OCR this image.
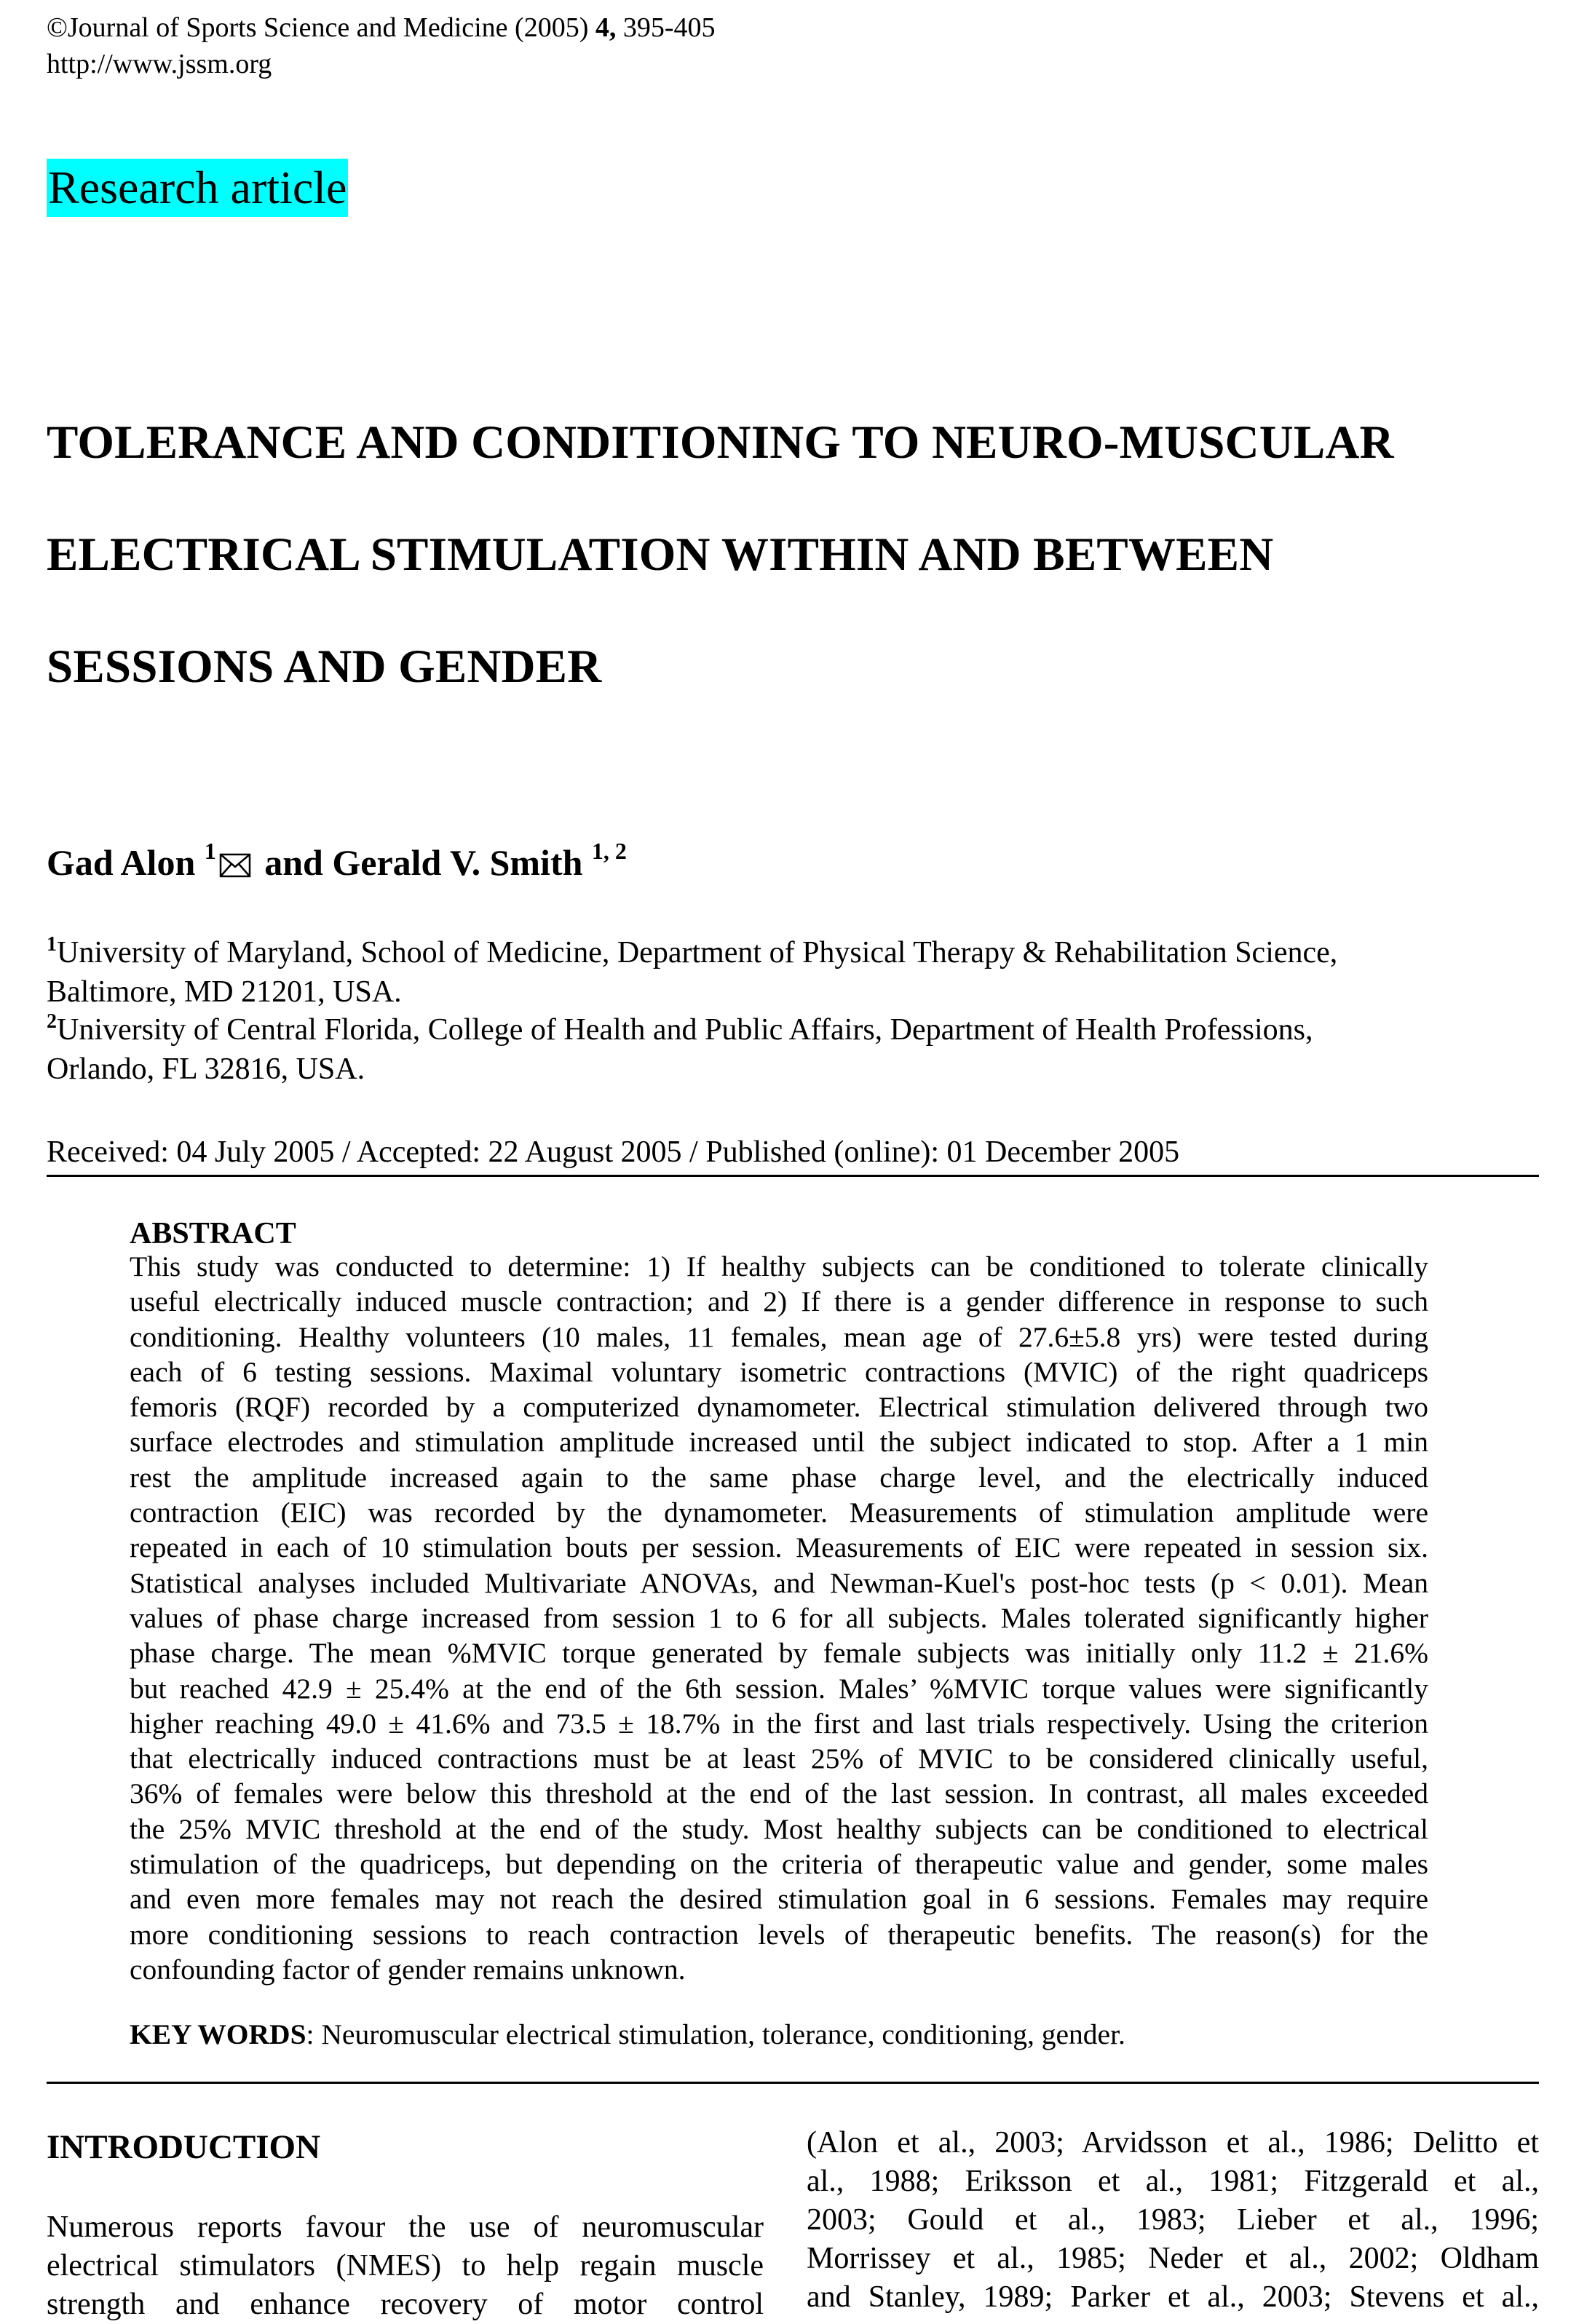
©Journal of Sports Science and Medicine (2005) 4, 395-405
http://www.jssm.org
Research article
TOLERANCE AND CONDITIONING TO NEURO-MUSCULAR
ELECTRICAL STIMULATION WITHIN AND BETWEEN
SESSIONS AND GENDER
Gad Alon $^1$ and Gerald V. Smith $^{1, 2}$
$^1$University of Maryland, School of Medicine, Department of Physical Therapy & Rehabilitation Science,
Baltimore, MD 21201, USA.
$^2$University of Central Florida, College of Health and Public Affairs, Department of Health Professions,
Orlando, FL 32816, USA.
Received: 04 July 2005 / Accepted: 22 August 2005 / Published (online): 01 December 2005
ABSTRACT
This study was conducted to determine: 1) If healthy subjects can be conditioned to tolerate clinically
useful electrically induced muscle contraction; and 2) If there is a gender difference in response to such
conditioning. Healthy volunteers (10 males, 11 females, mean age of 27.6±5.8 yrs) were tested during
each of 6 testing sessions. Maximal voluntary isometric contractions (MVIC) of the right quadriceps
femoris (RQF) recorded by a computerized dynamometer. Electrical stimulation delivered through two
surface electrodes and stimulation amplitude increased until the subject indicated to stop. After a 1 min
rest the amplitude increased again to the same phase charge level, and the electrically induced
contraction (EIC) was recorded by the dynamometer. Measurements of stimulation amplitude were
repeated in each of 10 stimulation bouts per session. Measurements of EIC were repeated in session six.
Statistical analyses included Multivariate ANOVAs, and Newman-Kuel's post-hoc tests (p < 0.01). Mean
values of phase charge increased from session 1 to 6 for all subjects. Males tolerated significantly higher
phase charge. The mean %MVIC torque generated by female subjects was initially only 11.2 ± 21.6%
but reached 42.9 ± 25.4% at the end of the 6th session. Males’ %MVIC torque values were significantly
higher reaching 49.0 ± 41.6% and 73.5 ± 18.7% in the first and last trials respectively. Using the criterion
that electrically induced contractions must be at least 25% of MVIC to be considered clinically useful,
36% of females were below this threshold at the end of the last session. In contrast, all males exceeded
the 25% MVIC threshold at the end of the study. Most healthy subjects can be conditioned to electrical
stimulation of the quadriceps, but depending on the criteria of therapeutic value and gender, some males
and even more females may not reach the desired stimulation goal in 6 sessions. Females may require
more conditioning sessions to reach contraction levels of therapeutic benefits. The reason(s) for the
confounding factor of gender remains unknown.
KEY WORDS: Neuromuscular electrical stimulation, tolerance, conditioning, gender.
INTRODUCTION
Numerous reports favour the use of neuromuscular
electrical stimulators (NMES) to help regain muscle
strength and enhance recovery of motor control
(Alon et al., 2003; Arvidsson et al., 1986; Delitto et
al., 1988; Eriksson et al., 1981; Fitzgerald et al.,
2003; Gould et al., 1983; Lieber et al., 1996;
Morrissey et al., 1985; Neder et al., 2002; Oldham
and Stanley, 1989; Parker et al., 2003; Stevens et al.,
